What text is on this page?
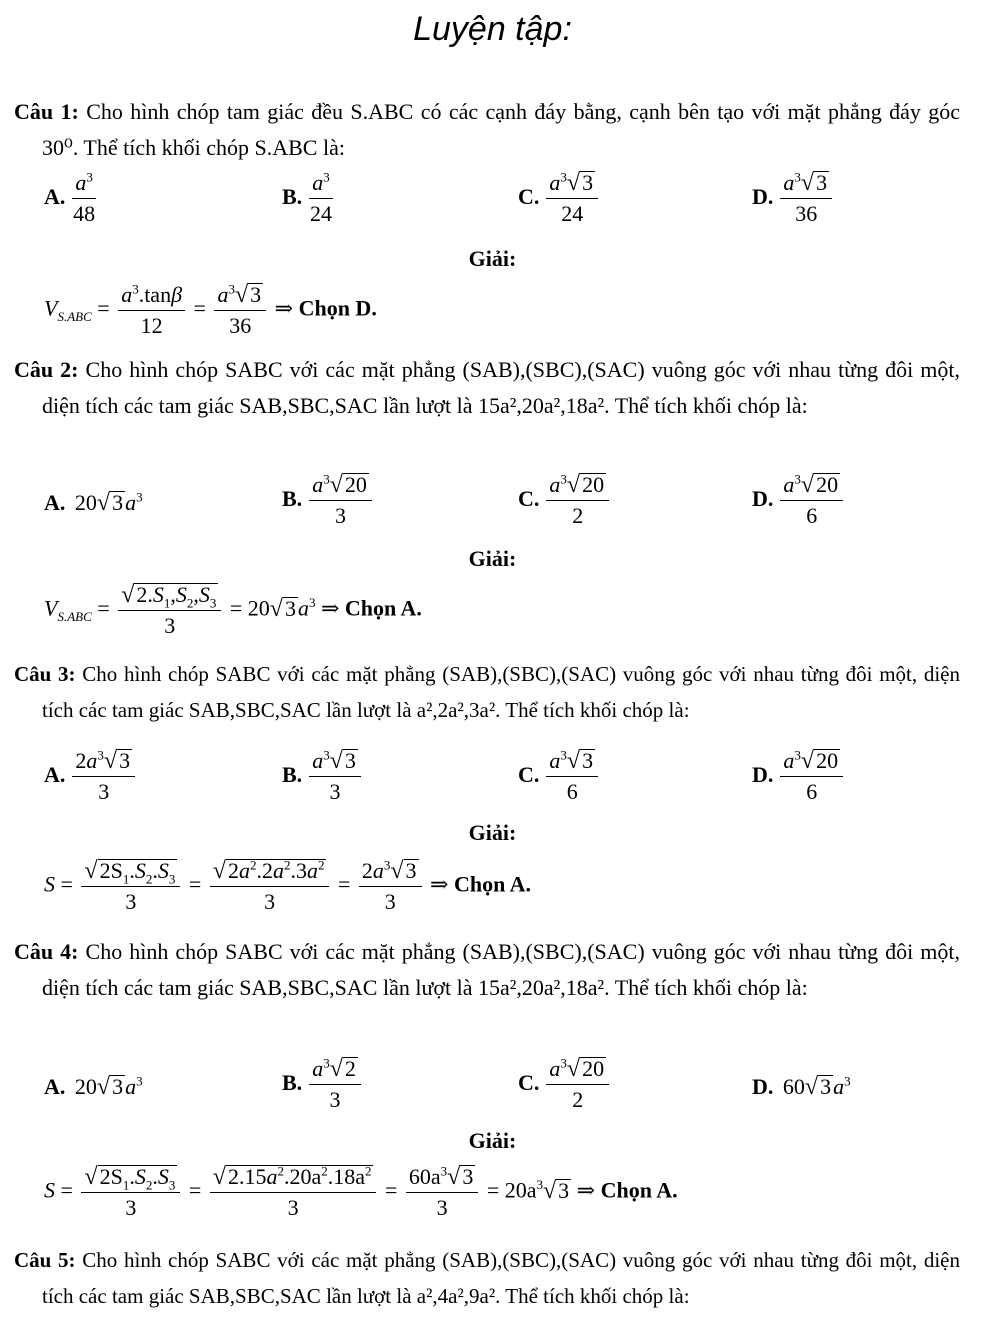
Luyện tập:
Câu 1: Cho hình chóp tam giác đều S.ABC có các cạnh đáy bằng, cạnh bên tạo với mặt phẳng đáy góc 30⁰. Thể tích khối chóp S.ABC là:
A. $\frac{a^3}{48}$	B. $\frac{a^3}{24}$	C. $\frac{a^3√3}{24}$	D. $\frac{a^3√3}{36}$
Giải:
$V_{S.ABC} = \frac{a^3.\tan\beta}{12} = \frac{a^3√3}{36}$ ⇒ Chọn D.
Câu 2: Cho hình chóp SABC với các mặt phẳng (SAB),(SBC),(SAC) vuông góc với nhau từng đôi một, diện tích các tam giác SAB,SBC,SAC lần lượt là 15a²,20a²,18a². Thể tích khối chóp là:
A. $20√3a^3$	B. $\frac{a^3√20}{3}$	C. $\frac{a^3√20}{2}$	D. $\frac{a^3√20}{6}$
Giải:
$V_{S.ABC} = \frac{√2.S_1,S_2,S_3}{3} = 20√3a^3$ ⇒ Chọn A.
Câu 3: Cho hình chóp SABC với các mặt phẳng (SAB),(SBC),(SAC) vuông góc với nhau từng đôi một, diện tích các tam giác SAB,SBC,SAC lần lượt là a²,2a²,3a². Thể tích khối chóp là:
A. $\frac{2a^3√3}{3}$	B. $\frac{a^3√3}{3}$	C. $\frac{a^3√3}{6}$	D. $\frac{a^3√20}{6}$
Giải:
$S = \frac{√2S_1.S_2.S_3}{3} = \frac{√2a^2.2a^2.3a^2}{3} = \frac{2a^3√3}{3}$ ⇒ Chọn A.
Câu 4: Cho hình chóp SABC với các mặt phẳng (SAB),(SBC),(SAC) vuông góc với nhau từng đôi một, diện tích các tam giác SAB,SBC,SAC lần lượt là 15a²,20a²,18a². Thể tích khối chóp là:
A. $20√3a^3$	B. $\frac{a^3√2}{3}$	C. $\frac{a^3√20}{2}$	D. $60√3a^3$
Giải:
$S = \frac{√2S_1.S_2.S_3}{3} = \frac{√2.15a^2.20a^2.18a^2}{3} = \frac{60a^3√3}{3} = 20a^3√3$ ⇒ Chọn A.
Câu 5: Cho hình chóp SABC với các mặt phẳng (SAB),(SBC),(SAC) vuông góc với nhau từng đôi một, diện tích các tam giác SAB,SBC,SAC lần lượt là a²,4a²,9a². Thể tích khối chóp là:
